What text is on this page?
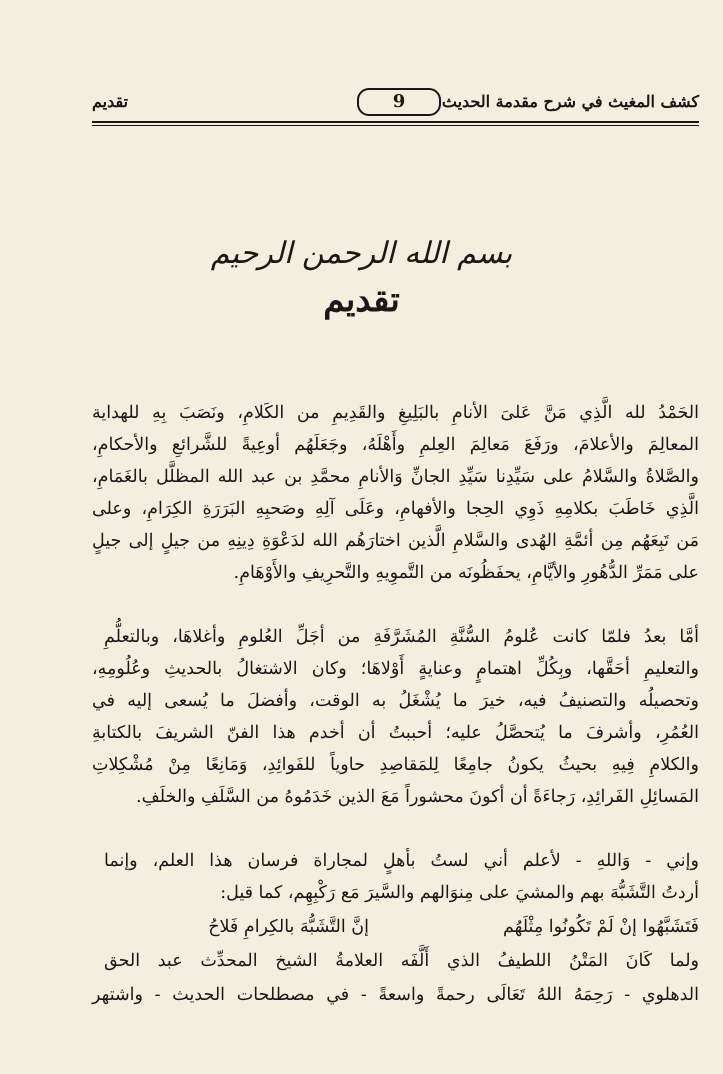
تقديم	9	كشف المغيث في شرح مقدمة الحديث
بسم الله الرحمن الرحيم
تقديم
الحَمْدُ لله الَّذِي مَنَّ عَلىَ الأنامِ بالبَلِيغِ والقَدِيمِ من الكَلامِ، ونَصَبَ بِهِ للهداية
المعالِمَ والأعلامَ، ورَفَعَ مَعالِمَ العِلمِ وأَهْلَهُ، وجَعَلَهُم أوعِيةً للشَّرائعِ والأحكامِ،
والصَّلاةُ والسَّلامُ على سَيِّدِنا سَيِّدِ الجانِّ وَالأنامِ محمَّدِ بن عبد الله المظلَّل بالغَمَامِ،
الَّذِي خَاطَبَ بكلامِهِ ذَوِي الحِجا والأفهامِ، وعَلَى آلِهِ وصَحبِهِ البَرَرَةِ الكِرَامِ، وعلى
مَن تَبِعَهُم مِن أئمَّةِ الهُدى والسَّلامِ الَّذين اختارَهُم الله لدَعْوَةِ دِينِهِ من جيلٍ إلى جيلٍ
على مَمَرِّ الدُّهُورِ والأيَّامِ، يحفَظُونَه من التَّموِيهِ والتَّحرِيفِ والأَوْهَامِ.
أمَّا بعدُ فلمّا كانت عُلومُ السُّنَّةِ المُشَرَّفَةِ من أجَلِّ العُلومِ وأغلاهَا، وبالتعلُّمِ
والتعليمِ أحَقَّها، وبِكُلِّ اهتمامٍ وعنايةٍ أَوْلاهَا؛ وكان الاشتغالُ بالحديثِ وعُلُومِهِ،
وتحصيلُه والتصنيفُ فيه، خيرَ ما يُشْغَلُ به الوقت، وأفضلَ ما يُسعى إليه في
العُمُرِ، وأشرفَ ما يُتحصَّلُ عليه؛ أحببتُ أن أخدم هذا الفنّ الشريفَ بالكتابةِ
والكلامِ فِيهِ بحيثُ يكونُ جامِعًا لِلمَقاصِدِ حاوياً للفَوائِدِ، وَمَانِعًا مِنْ مُشْكِلاتِ
المَسائِلِ الفَرائِدِ، رَجاءَةً أن أكونَ محشوراً مَعَ الذين خَدَمُوهُ من السَّلَفِ والخلَفِ.
وإني - وَاللهِ - لأعلم أني لستُ بأهلٍ لمجاراة فرسان هذا العلم، وإنما
أردتُ التَّشَبُّهَ بهم والمشيَ على مِنوَالهم والسَّيرَ مَع رَكْبِهِم، كما قيل:
فَتَشَبَّهُوا إنْ لَمْ تَكُونُوا مِثْلَهُم
إنَّ التَّشَبُّهَ بالكِرامِ فَلاحُ
ولما كَانَ المَتْنُ اللطيفُ الذي أَلَّفَه العلامةُ الشيخ المحدِّث عبد الحق
الدهلوي - رَحِمَهُ اللهُ تَعَالَى رحمةً واسعةً - في مصطلحات الحديث - واشتهر
